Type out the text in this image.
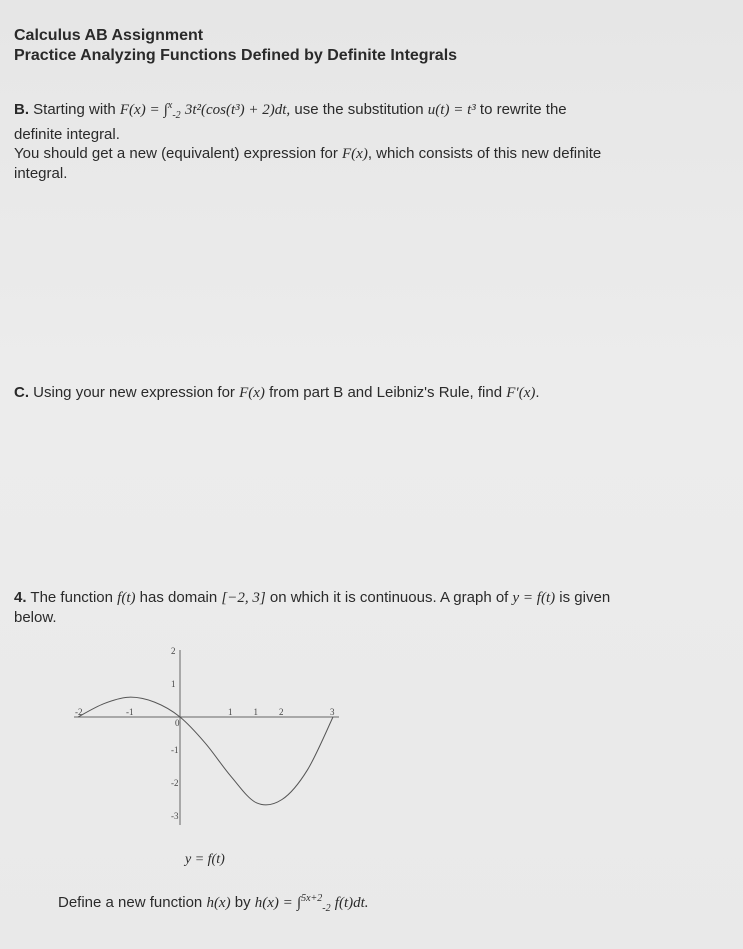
Calculus AB Assignment
Practice Analyzing Functions Defined by Definite Integrals
B. Starting with F(x) = ∫$^x_{-2}$ 3t²(cos(t³) + 2)dt, use the substitution u(t) = t³ to rewrite the
definite integral.
You should get a new (equivalent) expression for F(x), which consists of this new definite
integral.
C. Using your new expression for F(x) from part B and Leibniz's Rule, find F′(x).
4. The function f(t) has domain [−2, 3] on which it is continuous. A graph of y = f(t) is given
below.
-2	-1
0
1 1 2	3
2
1
-1
-2
-3
y = f(t)
Define a new function h(x) by h(x) = ∫$^{5x+2}_{-2}$ f(t)dt.
